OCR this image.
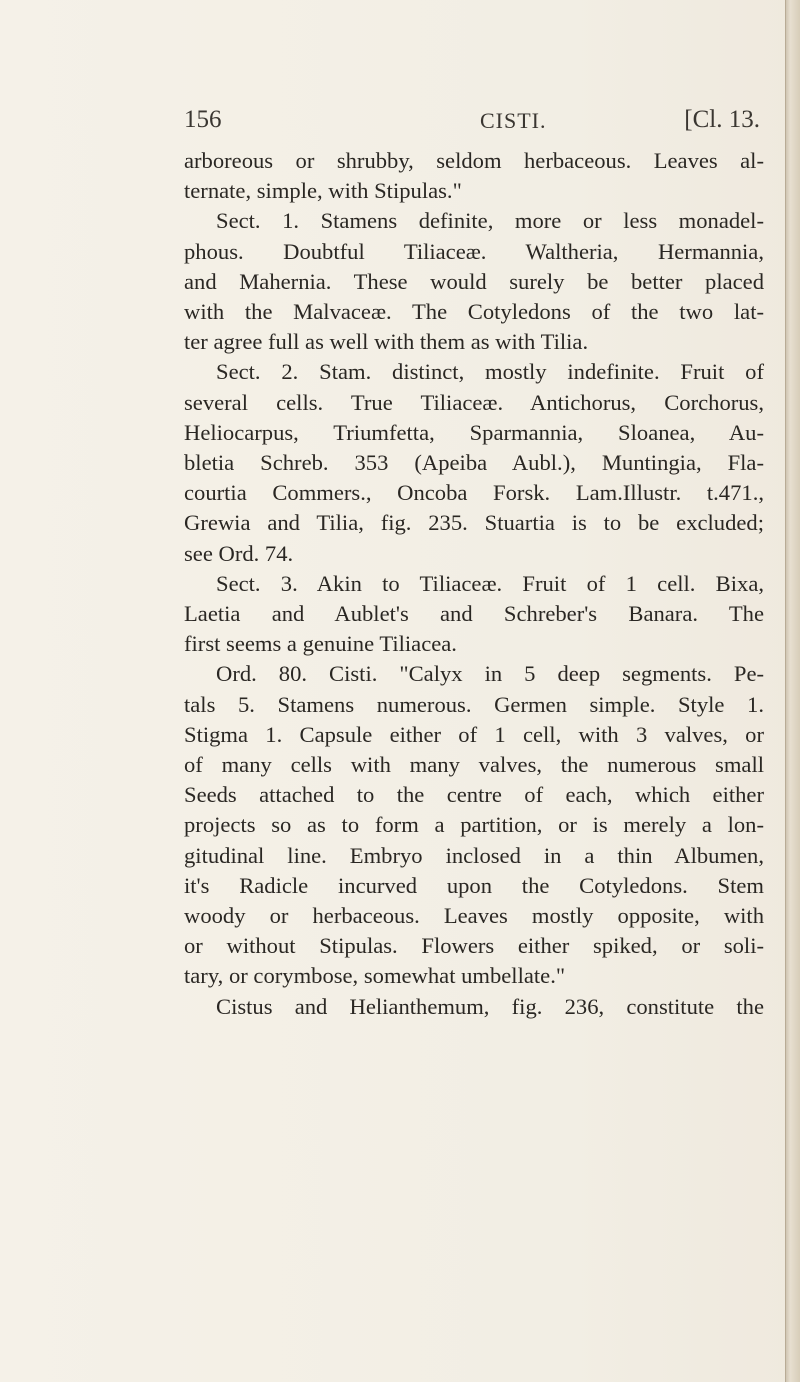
156	CISTI.	[Cl. 13.
arboreous or shrubby, seldom herbaceous. Leaves al-
ternate, simple, with Stipulas."
Sect. 1. Stamens definite, more or less monadel-
phous. Doubtful Tiliaceæ. Waltheria, Hermannia,
and Mahernia. These would surely be better placed
with the Malvaceæ. The Cotyledons of the two lat-
ter agree full as well with them as with Tilia.
Sect. 2. Stam. distinct, mostly indefinite. Fruit of
several cells. True Tiliaceæ. Antichorus, Corchorus,
Heliocarpus, Triumfetta, Sparmannia, Sloanea, Au-
bletia Schreb. 353 (Apeiba Aubl.), Muntingia, Fla-
courtia Commers., Oncoba Forsk. Lam.Illustr. t.471.,
Grewia and Tilia, fig. 235. Stuartia is to be excluded;
see Ord. 74.
Sect. 3. Akin to Tiliaceæ. Fruit of 1 cell. Bixa,
Laetia and Aublet's and Schreber's Banara. The
first seems a genuine Tiliacea.
Ord. 80. Cisti. "Calyx in 5 deep segments. Pe-
tals 5. Stamens numerous. Germen simple. Style 1.
Stigma 1. Capsule either of 1 cell, with 3 valves, or
of many cells with many valves, the numerous small
Seeds attached to the centre of each, which either
projects so as to form a partition, or is merely a lon-
gitudinal line. Embryo inclosed in a thin Albumen,
it's Radicle incurved upon the Cotyledons. Stem
woody or herbaceous. Leaves mostly opposite, with
or without Stipulas. Flowers either spiked, or soli-
tary, or corymbose, somewhat umbellate."
Cistus and Helianthemum, fig. 236, constitute the
